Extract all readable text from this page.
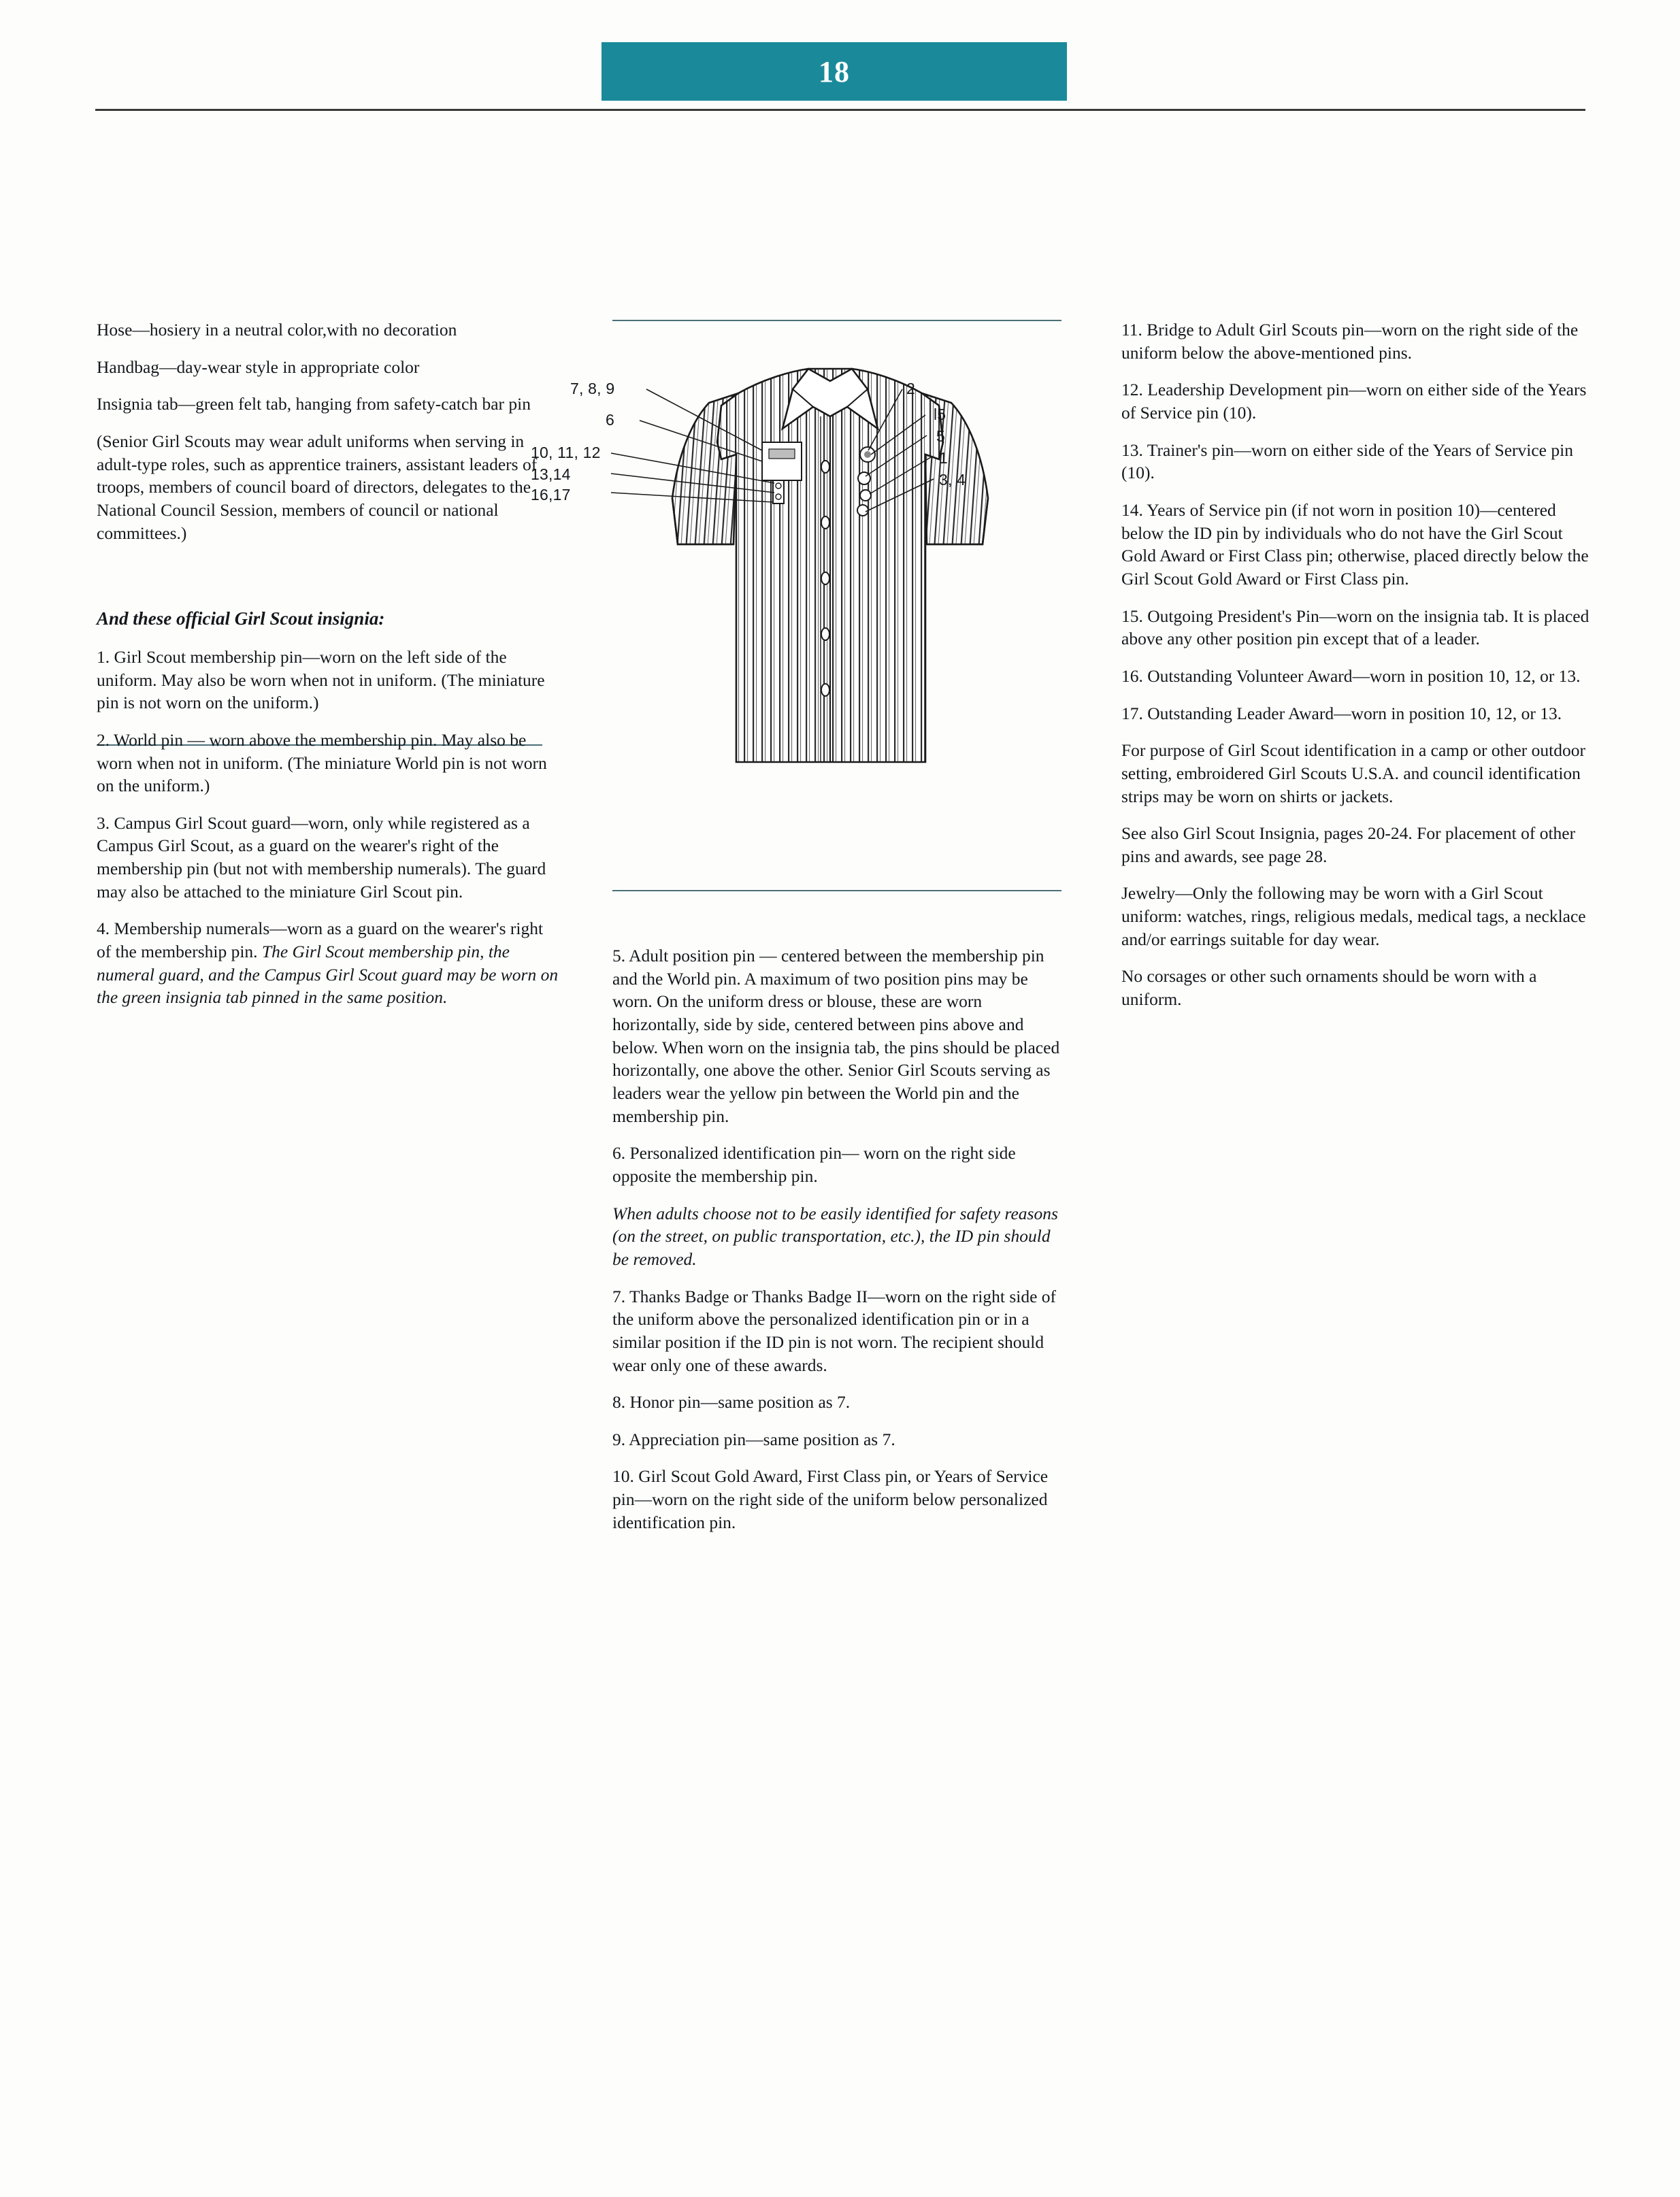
18

Hose—hosiery in a neutral color,with no decoration

Handbag—day-wear style in appropriate color

Insignia tab—green felt tab, hanging from safety-catch bar pin

(Senior Girl Scouts may wear adult uniforms when serving in adult-type roles, such as apprentice trainers, assistant leaders of troops, members of council board of directors, delegates to the National Council Session, members of council or national committees.)

And these official Girl Scout insignia:

1. Girl Scout membership pin—worn on the left side of the uniform. May also be worn when not in uniform. (The miniature pin is not worn on the uniform.)

2. World pin — worn above the membership pin. May also be worn when not in uniform. (The miniature World pin is not worn on the uniform.)

3. Campus Girl Scout guard—worn, only while registered as a Campus Girl Scout, as a guard on the wearer's right of the membership pin (but not with membership numerals). The guard may also be attached to the miniature Girl Scout pin.

4. Membership numerals—worn as a guard on the wearer's right of the membership pin. The Girl Scout membership pin, the numeral guard, and the Campus Girl Scout guard may be worn on the green insignia tab pinned in the same position.

7, 8, 9
6
10, 11, 12
13,14
16,17
2
l5
5
1
3, 4

5. Adult position pin — centered between the membership pin and the World pin. A maximum of two position pins may be worn. On the uniform dress or blouse, these are worn horizontally, side by side, centered between pins above and below. When worn on the insignia tab, the pins should be placed horizontally, one above the other. Senior Girl Scouts serving as leaders wear the yellow pin between the World pin and the membership pin.

6. Personalized identification pin— worn on the right side opposite the membership pin.

When adults choose not to be easily identified for safety reasons (on the street, on public transportation, etc.), the ID pin should be removed.

7. Thanks Badge or Thanks Badge II—worn on the right side of the uniform above the personalized identification pin or in a similar position if the ID pin is not worn. The recipient should wear only one of these awards.

8. Honor pin—same position as 7.

9. Appreciation pin—same position as 7.

10. Girl Scout Gold Award, First Class pin, or Years of Service pin—worn on the right side of the uniform below personalized identification pin.

11. Bridge to Adult Girl Scouts pin—worn on the right side of the uniform below the above-mentioned pins.

12. Leadership Development pin—worn on either side of the Years of Service pin (10).

13. Trainer's pin—worn on either side of the Years of Service pin (10).

14. Years of Service pin (if not worn in position 10)—centered below the ID pin by individuals who do not have the Girl Scout Gold Award or First Class pin; otherwise, placed directly below the Girl Scout Gold Award or First Class pin.

15. Outgoing President's Pin—worn on the insignia tab. It is placed above any other position pin except that of a leader.

16. Outstanding Volunteer Award—worn in position 10, 12, or 13.

17. Outstanding Leader Award—worn in position 10, 12, or 13.

For purpose of Girl Scout identification in a camp or other outdoor setting, embroidered Girl Scouts U.S.A. and council identification strips may be worn on shirts or jackets.

See also Girl Scout Insignia, pages 20-24. For placement of other pins and awards, see page 28.

Jewelry—Only the following may be worn with a Girl Scout uniform: watches, rings, religious medals, medical tags, a necklace and/or earrings suitable for day wear.

No corsages or other such ornaments should be worn with a uniform.
